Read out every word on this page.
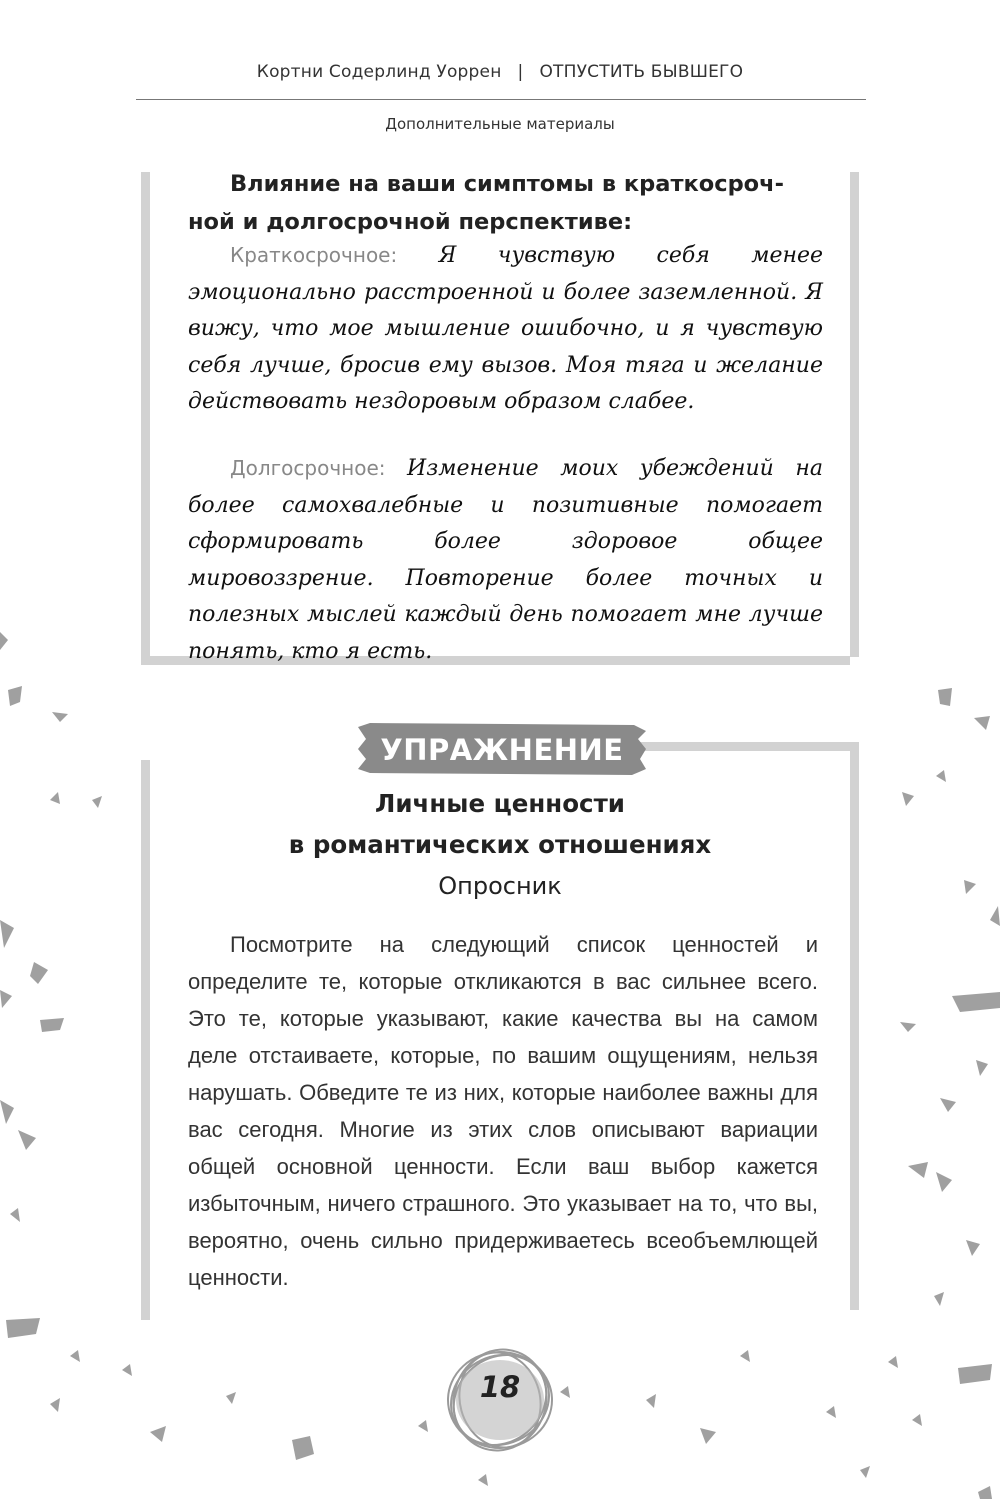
Кортни Содерлинд Уоррен | ОТПУСТИТЬ БЫВШЕГО
Дополнительные материалы
Влияние на ваши симптомы в краткосроч-
ной и долгосрочной перспективе:
Краткосрочное: Я чувствую себя менее эмоционально расстроенной и более заземленной. Я вижу, что мое мышление ошибочно, и я чувствую себя лучше, бросив ему вызов. Моя тяга и желание действовать нездоровым образом слабее.
Долгосрочное: Изменение моих убеждений на более самохвалебные и позитивные помогает сформировать более здоровое общее мировоззрение. Повторение более точных и полезных мыслей каждый день помогает мне лучше понять, кто я есть.
УПРАЖНЕНИЕ
Личные ценности
в романтических отношениях
Опросник
Посмотрите на следующий список ценностей и определите те, которые откликаются в вас сильнее всего. Это те, которые указывают, какие качества вы на самом деле отстаиваете, которые, по вашим ощущениям, нельзя нарушать. Обведите те из них, которые наиболее важны для вас сегодня. Многие из этих слов описывают вариации общей основной ценности. Если ваш выбор кажется избыточным, ничего страшного. Это указывает на то, что вы, вероятно, очень сильно придерживаетесь всеобъемлющей ценности.
18
